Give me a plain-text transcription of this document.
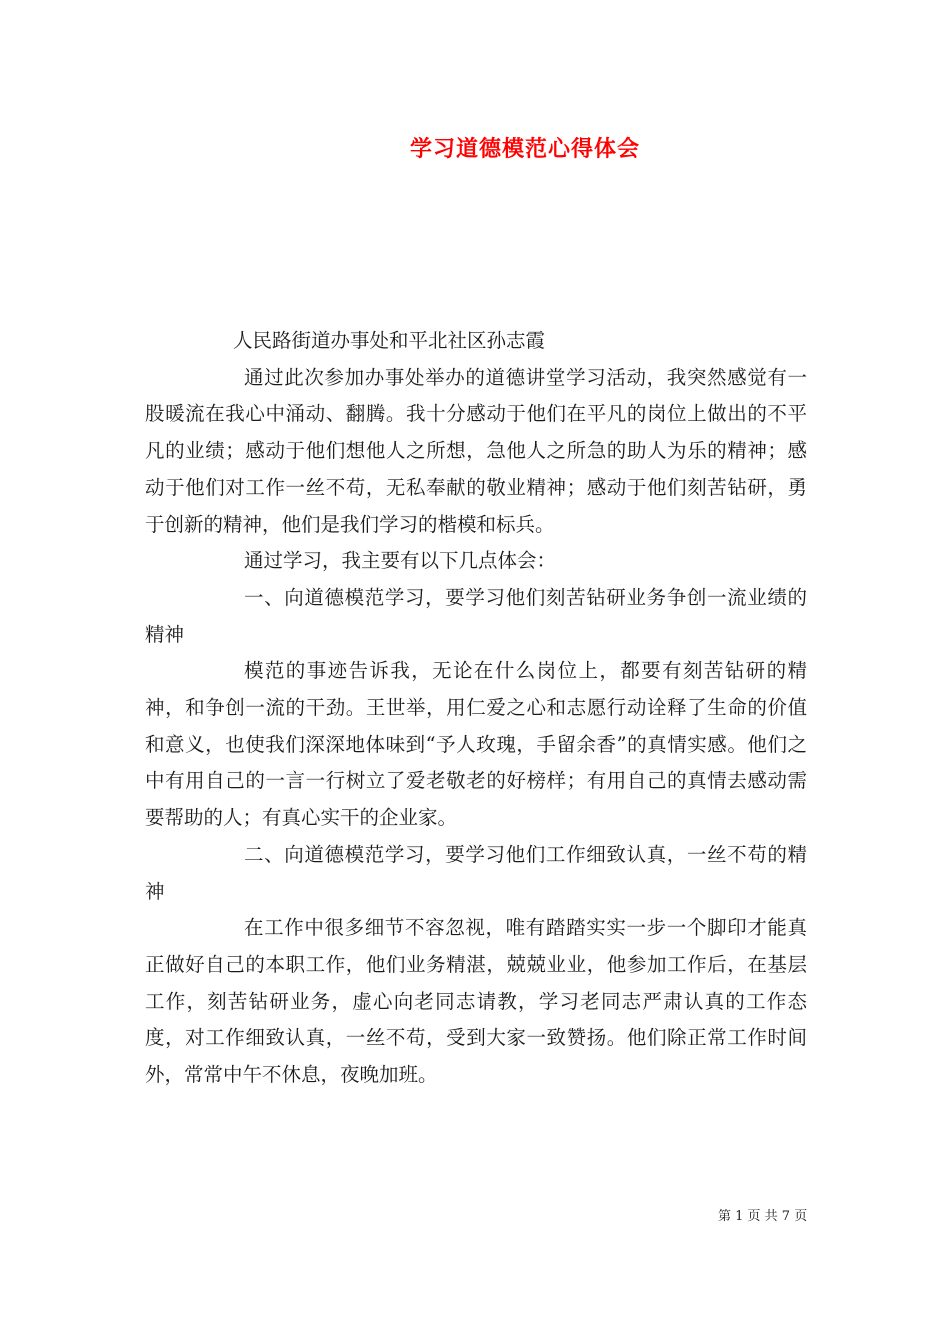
学习道德模范心得体会

人民路街道办事处和平北社区孙志霞

通过此次参加办事处举办的道德讲堂学习活动，我突然感觉有一股暖流在我心中涌动、翻腾。我十分感动于他们在平凡的岗位上做出的不平凡的业绩；感动于他们想他人之所想，急他人之所急的助人为乐的精神；感动于他们对工作一丝不苟，无私奉献的敬业精神；感动于他们刻苦钻研，勇于创新的精神，他们是我们学习的楷模和标兵。

通过学习，我主要有以下几点体会：

一、向道德模范学习，要学习他们刻苦钻研业务争创一流业绩的精神

模范的事迹告诉我，无论在什么岗位上，都要有刻苦钻研的精神，和争创一流的干劲。王世举，用仁爱之心和志愿行动诠释了生命的价值和意义，也使我们深深地体味到“予人玫瑰，手留余香”的真情实感。他们之中有用自己的一言一行树立了爱老敬老的好榜样；有用自己的真情去感动需要帮助的人；有真心实干的企业家。

二、向道德模范学习，要学习他们工作细致认真，一丝不苟的精神

在工作中很多细节不容忽视，唯有踏踏实实一步一个脚印才能真正做好自己的本职工作，他们业务精湛，兢兢业业，他参加工作后，在基层工作，刻苦钻研业务，虚心向老同志请教，学习老同志严肃认真的工作态度，对工作细致认真，一丝不苟，受到大家一致赞扬。他们除正常工作时间外，常常中午不休息，夜晚加班。

第 1 页 共 7 页
